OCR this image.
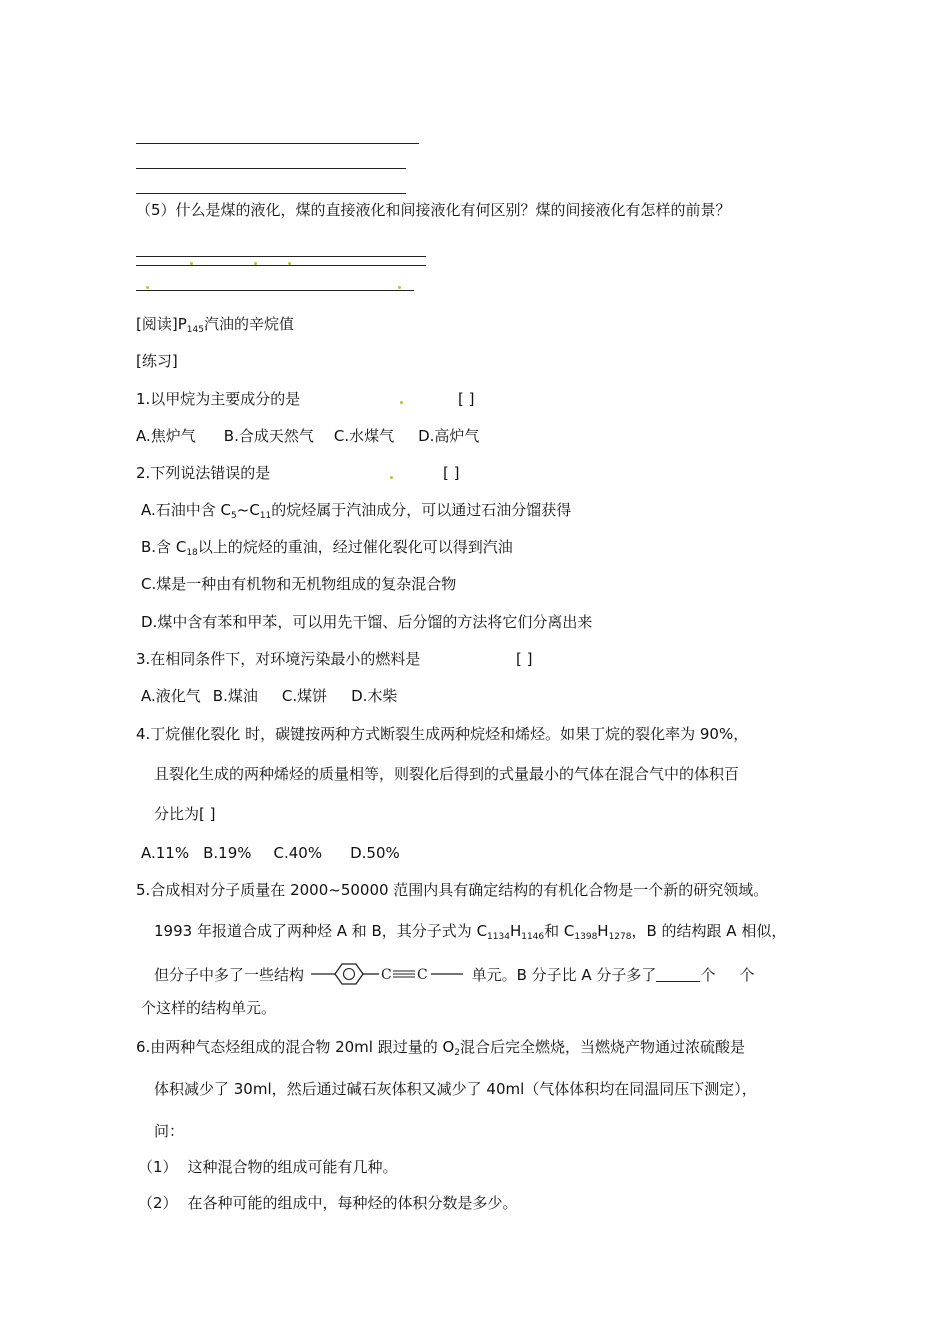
（5）什么是煤的液化，煤的直接液化和间接液化有何区别？煤的间接液化有怎样的前景？
[阅读]$P_{145}$汽油的辛烷值
[练习]
1.以甲烷为主要成分的是	[ ]
A.焦炉气 B.合成天然气 C.水煤气 D.高炉气
2.下列说法错误的是	[ ]
A.石油中含 $C_5\sim C_{11}$的烷烃属于汽油成分，可以通过石油分馏获得
B.含 $C_{18}$以上的烷烃的重油，经过催化裂化可以得到汽油
C.煤是一种由有机物和无机物组成的复杂混合物
D.煤中含有苯和甲苯，可以用先干馏、后分馏的方法将它们分离出来
3.在相同条件下，对环境污染最小的燃料是	[ ]
A.液化气 B.煤油 C.煤饼 D.木柴
4.丁烷催化裂化 时，碳键按两种方式断裂生成两种烷烃和烯烃。如果丁烷的裂化率为 90%，
且裂化生成的两种烯烃的质量相等，则裂化后得到的式量最小的气体在混合气中的体积百
分比为[ ]
A.11% B.19% C.40% D.50%
5.合成相对分子质量在 2000~50000 范围内具有确定结构的有机化合物是一个新的研究领域。
1993 年报道合成了两种烃 A 和 B，其分子式为 $C_{1134}H_{1146}$和 $C_{1398}H_{1278}$，B 的结构跟 A 相似，
但分子中多了一些结构	C C	单元。B 分子比 A 分子多了	个 个
个这样的结构单元。
6.由两种气态烃组成的混合物 20ml 跟过量的 $O_2$混合后完全燃烧，当燃烧产物通过浓硫酸是
体积减少了 30ml，然后通过碱石灰体积又减少了 40ml（气体体积均在同温同压下测定），
问：
（1） 这种混合物的组成可能有几种。
（2） 在各种可能的组成中，每种烃的体积分数是多少。
